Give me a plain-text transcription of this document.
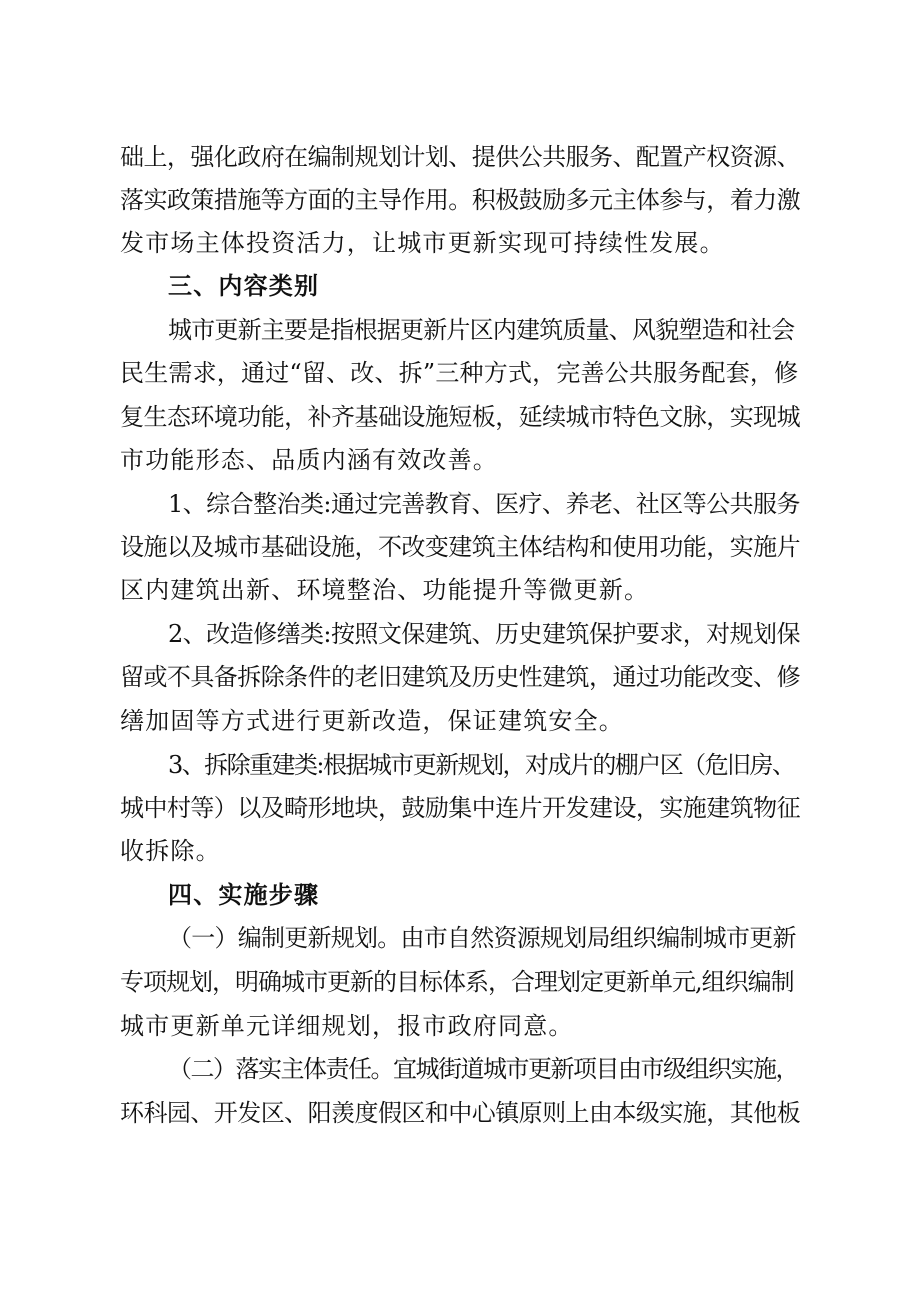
础上，强化政府在编制规划计划、提供公共服务、配置产权资源、
落实政策措施等方面的主导作用。积极鼓励多元主体参与，着力激
发市场主体投资活力，让城市更新实现可持续性发展。
三、内容类别
城市更新主要是指根据更新片区内建筑质量、风貌塑造和社会
民生需求，通过“留、改、拆”三种方式，完善公共服务配套，修
复生态环境功能，补齐基础设施短板，延续城市特色文脉，实现城
市功能形态、品质内涵有效改善。
1、综合整治类:通过完善教育、医疗、养老、社区等公共服务
设施以及城市基础设施，不改变建筑主体结构和使用功能，实施片
区内建筑出新、环境整治、功能提升等微更新。
2、改造修缮类:按照文保建筑、历史建筑保护要求，对规划保
留或不具备拆除条件的老旧建筑及历史性建筑，通过功能改变、修
缮加固等方式进行更新改造，保证建筑安全。
3、拆除重建类:根据城市更新规划，对成片的棚户区（危旧房、
城中村等）以及畸形地块，鼓励集中连片开发建设，实施建筑物征
收拆除。
四、实施步骤
（一）编制更新规划。由市自然资源规划局组织编制城市更新
专项规划，明确城市更新的目标体系，合理划定更新单元,组织编制
城市更新单元详细规划，报市政府同意。
（二）落实主体责任。宜城街道城市更新项目由市级组织实施，
环科园、开发区、阳羡度假区和中心镇原则上由本级实施，其他板
